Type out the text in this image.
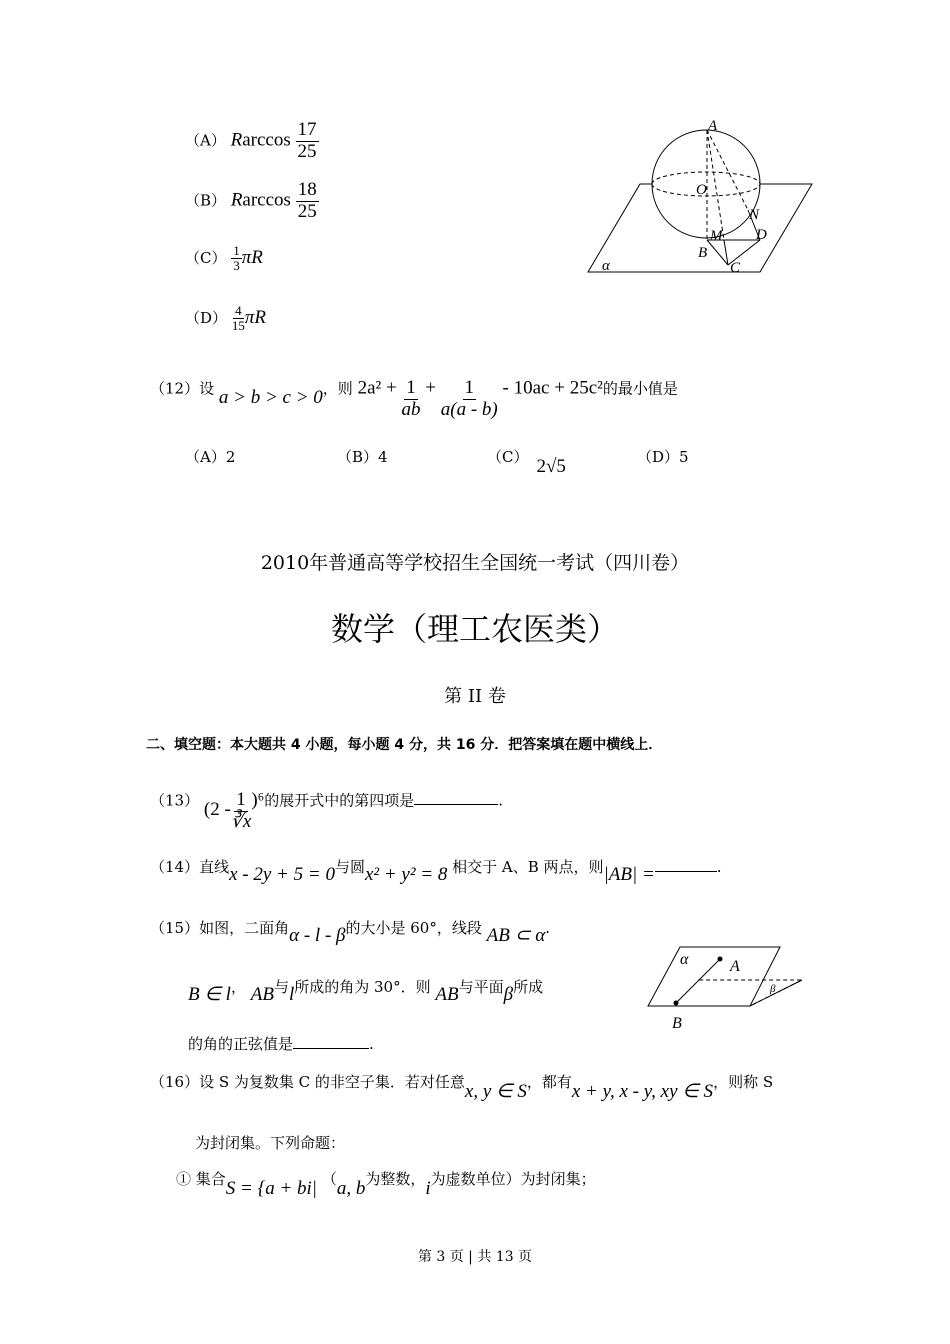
（A） Rarccos $\frac{17}{25}$
（B） Rarccos $\frac{18}{25}$
$(C) \frac{1}{3}$ πR
$(D) \frac{4}{15}$ πR
A
O
N
M D
B
C
α
（12）设 a > b > c > 0，则 $2a^2 + \frac{1}{ab} + \frac{1}{a(a - b)} - 10ac + 25c^2$的最小值是
（A）2	（B）4	（C） 2√5	（D）5
2010年普通高等学校招生全国统一考试（四川卷）
数学（理工农医类）
第 II 卷
二、填空题：本大题共 4 小题，每小题 4 分，共 16 分．把答案填在题中横线上．
（13） $(2 - \frac{1}{∛x} )^6$的展开式中的第四项是	.
（14）直线x - 2y + 5 = 0与圆x² + y² = 8 相交于 A、B 两点，则|AB| =	.
（15）如图，二面角α - l - β的大小是 60°，线段 AB ⊂ α.
B ∈ l， AB与l所成的角为 30°．则 AB与平面β所成
的角的正弦值是	.
α	A
β
B
（16）设 S 为复数集 C 的非空子集．若对任意x, y ∈ S，都有x + y, x - y, xy ∈ S，则称 S
为封闭集。下列命题：
① 集合S = {a + bi| （a, b为整数，i为虚数单位）为封闭集；
第 3 页 | 共 13 页
